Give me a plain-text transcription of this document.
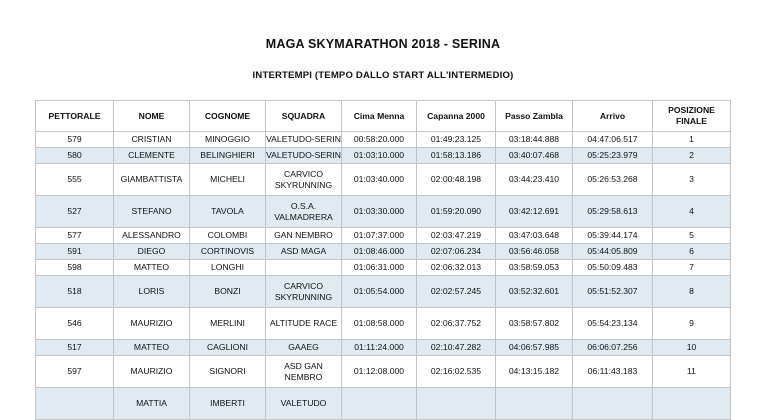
MAGA SKYMARATHON 2018 - SERINA
INTERTEMPI (TEMPO DALLO START ALL'INTERMEDIO)
PETTORALE	NOME	COGNOME	SQUADRA	Cima Menna	Capanna 2000	Passo Zambla	Arrivo	POSIZIONE FINALE
579	CRISTIAN	MINOGGIO	VALETUDO-SERIN	00:58:20.000	01:49:23.125	03:18:44.888	04:47:06.517	1
580	CLEMENTE	BELINGHIERI	VALETUDO-SERIN	01:03:10.000	01:58:13.186	03:40:07.468	05:25:23.979	2
555	GIAMBATTISTA	MICHELI	CARVICO SKYRUNNING	01:03:40.000	02:00:48.198	03:44:23.410	05:26:53.268	3
527	STEFANO	TAVOLA	O.S.A. VALMADRERA	01:03:30.000	01:59:20.090	03:42:12.691	05:29:58.613	4
577	ALESSANDRO	COLOMBI	GAN NEMBRO	01:07:37.000	02:03:47.219	03:47:03.648	05:39:44.174	5
591	DIEGO	CORTINOVIS	ASD MAGA	01:08:46.000	02:07:06.234	03:56:46.058	05:44:05.809	6
598	MATTEO	LONGHI		01:06:31.000	02:06:32.013	03:58:59.053	05:50:09.483	7
518	LORIS	BONZI	CARVICO SKYRUNNING	01:05:54.000	02:02:57.245	03:52:32.601	05:51:52.307	8
546	MAURIZIO	MERLINI	ALTITUDE RACE	01:08:58.000	02:06:37.752	03:58:57.802	05:54:23.134	9
517	MATTEO	CAGLIONI	GAAEG	01:11:24.000	02:10:47.282	04:06:57.985	06:06:07.256	10
597	MAURIZIO	SIGNORI	ASD GAN NEMBRO	01:12:08.000	02:16:02.535	04:13:15.182	06:11:43.183	11
	MATTIA	IMBERTI	VALETUDO					
